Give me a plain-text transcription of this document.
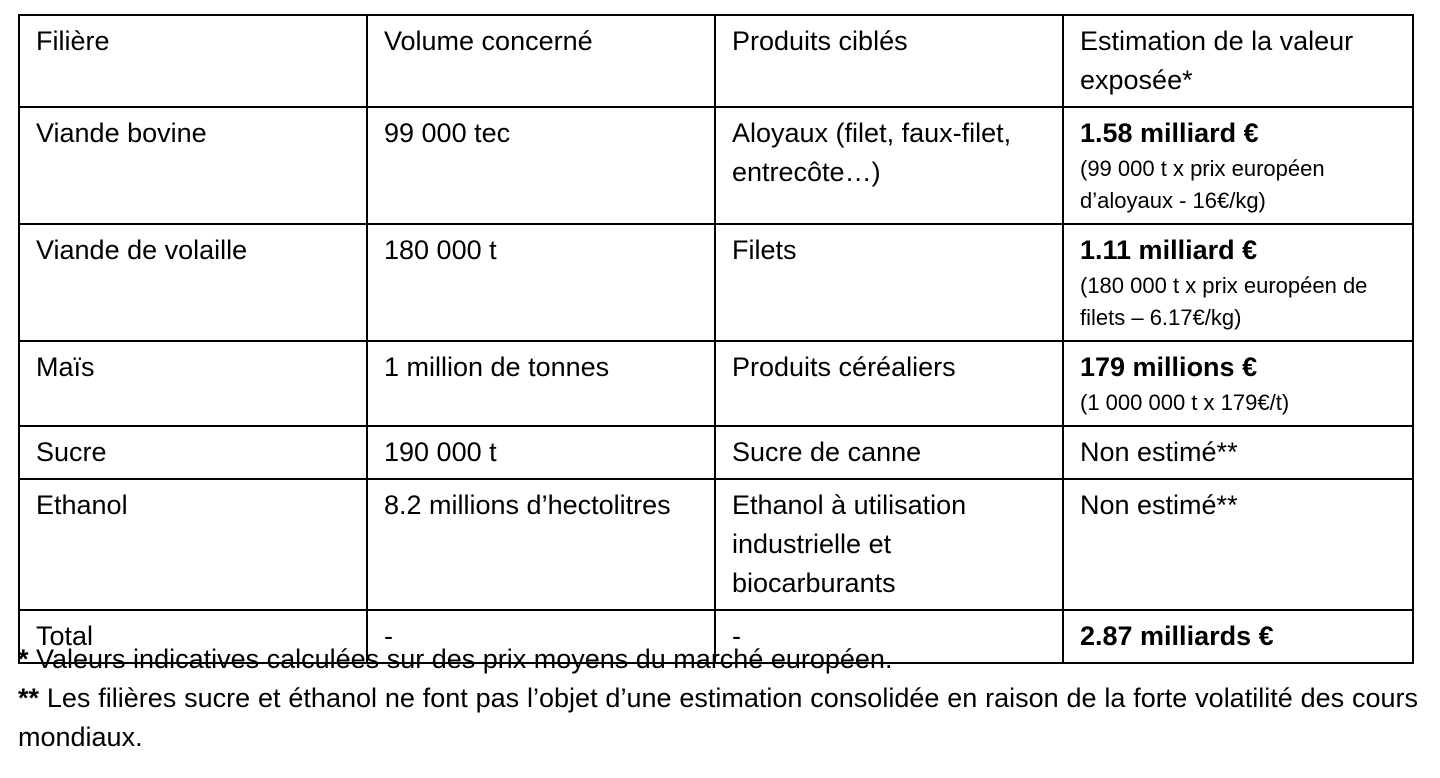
Filière	Volume concerné	Produits ciblés	Estimation de la valeur exposée*
Viande bovine	99 000 tec	Aloyaux (filet, faux-filet, entrecôte…)	1.58 milliard €
(99 000 t x prix européen d’aloyaux - 16€/kg)

Viande de volaille	180 000 t	Filets	1.11 milliard €
(180 000 t x prix européen de filets – 6.17€/kg)

Maïs	1 million de tonnes	Produits céréaliers	179 millions €
(1 000 000 t x 179€/t)

Sucre	190 000 t	Sucre de canne	Non estimé**
Ethanol	8.2 millions d’hectolitres	Ethanol à utilisation industrielle et biocarburants	Non estimé**
Total	-	-	2.87 milliards €
* Valeurs indicatives calculées sur des prix moyens du marché européen.
** Les filières sucre et éthanol ne font pas l’objet d’une estimation consolidée en raison de la forte volatilité des cours mondiaux.
